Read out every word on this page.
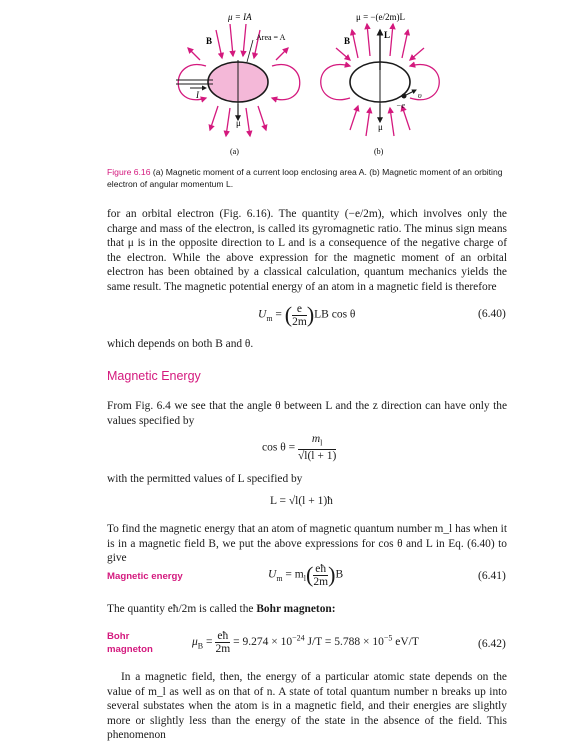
μ = IA
B	Area = A
I
μ
(a)
μ = −(e/2m)L
B
L
−e
υ
μ
(b)
Figure 6.16 (a) Magnetic moment of a current loop enclosing area A. (b) Magnetic moment of an orbiting electron of angular momentum L.
for an orbital electron (Fig. 6.16). The quantity (−e/2m), which involves only the charge and mass of the electron, is called its gyromagnetic ratio. The minus sign means that μ is in the opposite direction to L and is a consequence of the negative charge of the electron. While the above expression for the magnetic moment of an orbital electron has been obtained by a classical calculation, quantum mechanics yields the same result. The magnetic potential energy of an atom in a magnetic field is therefore
$U_m$ = ( $\frac{e}{2m} )LB$ cos θ	(6.40)
which depends on both B and θ.
Magnetic Energy
From Fig. 6.4 we see that the angle θ between L and the z direction can have only the values specified by
$\cos \theta = \frac{m_l}{√l(l + 1)}$
with the permitted values of L specified by
L = √l(l + 1)ħ
To find the magnetic energy that an atom of magnetic quantum number m_l has when it is in a magnetic field B, we put the above expressions for cos θ and L in Eq. (6.40) to give
Magnetic energy	$U_m = m_l( \frac{eħ}{2m} )B$	(6.41)
The quantity eħ/2m is called the Bohr magneton:
Bohr
magneton
$\mu_B = \frac{eħ}{2m} = 9.274 \times 10^{-24}$ $J/T = 5.788 \times 10^{-5}$ eV/T	(6.42)
In a magnetic field, then, the energy of a particular atomic state depends on the value of m_l as well as on that of n. A state of total quantum number n breaks up into several substates when the atom is in a magnetic field, and their energies are slightly more or slightly less than the energy of the state in the absence of the field. This phenomenon
